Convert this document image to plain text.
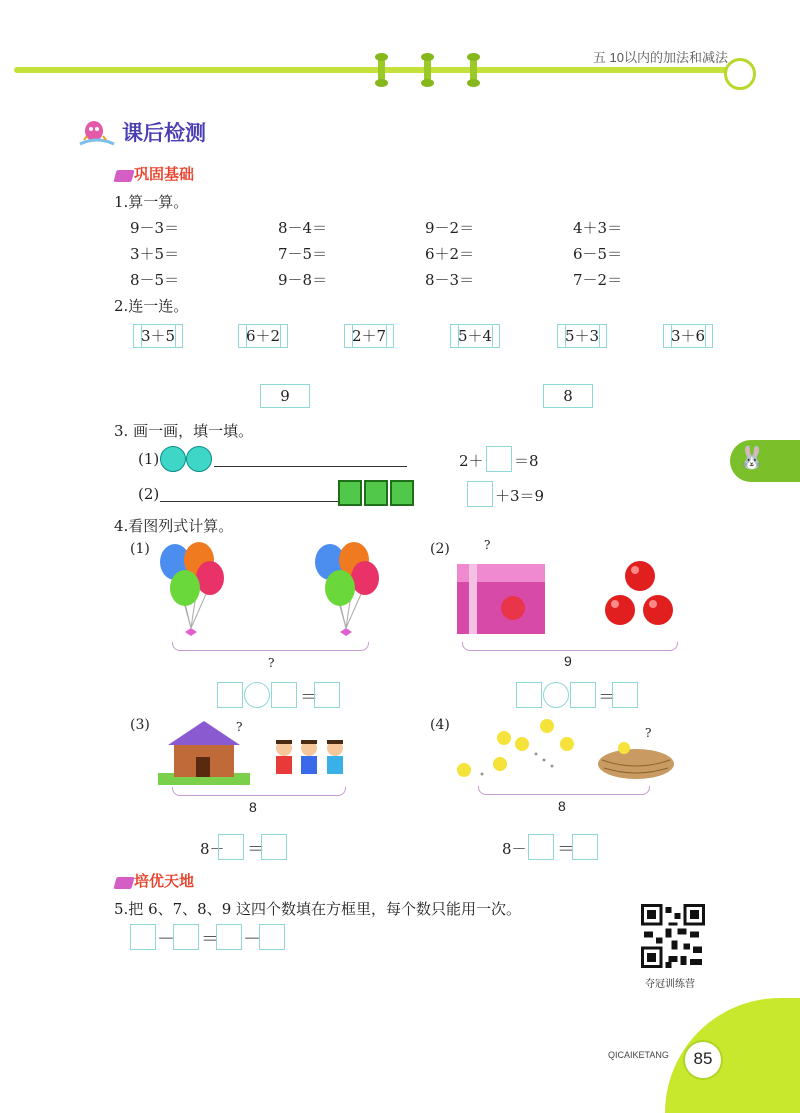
五 10以内的加法和减法
🐰
课后检测
巩固基础
1.算一算。
9－3＝	8－4＝	9－2＝	4＋3＝
3＋5＝	7－5＝	6＋2＝	6－5＝
8－5＝	9－8＝	8－3＝	7－2＝
2.连一连。
3＋5	6＋2	2＋7	5＋4	5＋3	3＋6
9	8
3. 画一画，填一填。
(1)	2＋ ＝8
(2)	＋3＝9
4.看图列式计算。
(1)
?
＝
(2)	?
9
＝
(3)	?
8
8－ ＝
(4)	?
8
8－ ＝
培优天地
5.把 6、7、8、9 这四个数填在方框里，每个数只能用一次。
－ ＝ －
夺冠训练营
QICAIKETANG	85
